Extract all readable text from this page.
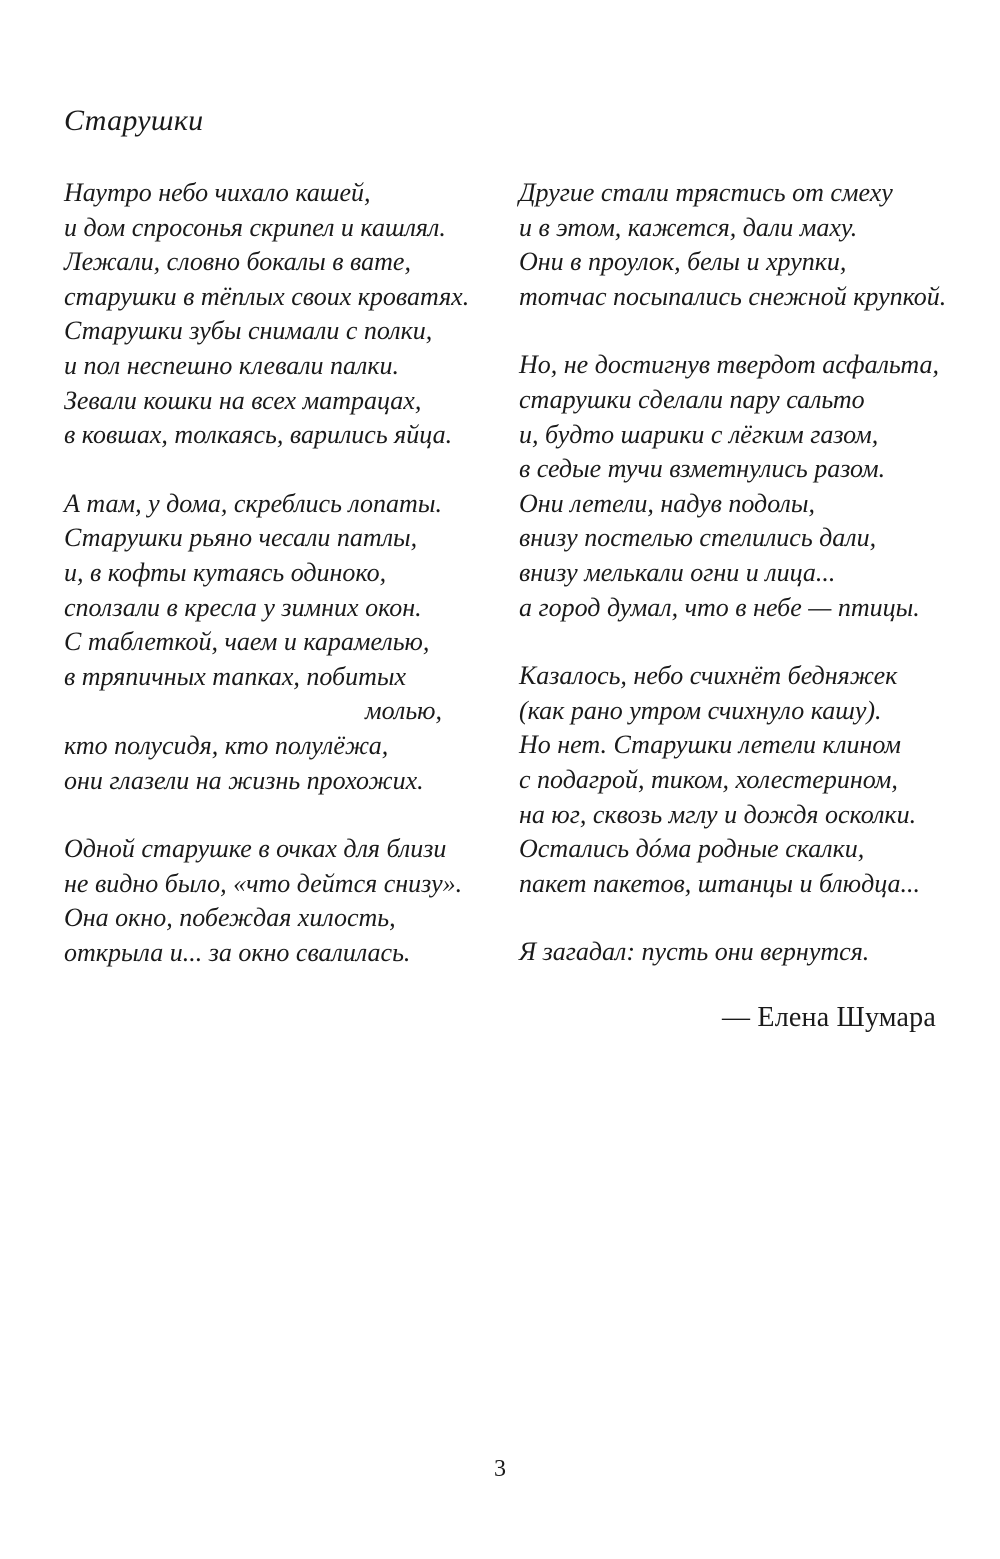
Старушки
Наутро небо чихало кашей,
и дом спросонья скрипел и кашлял.
Лежали, словно бокалы в вате,
старушки в тёплых своих кроватях.
Старушки зубы снимали с полки,
и пол неспешно клевали палки.
Зевали кошки на всех матрацах,
в ковшах, толкаясь, варились яйца.
А там, у дома, скреблись лопаты.
Старушки рьяно чесали патлы,
и, в кофты кутаясь одиноко,
сползали в кресла у зимних окон.
С таблеткой, чаем и карамелью,
в тряпичных тапках, побитых
молью,
кто полусидя, кто полулёжа,
они глазели на жизнь прохожих.
Одной старушке в очках для близи
не видно было, «что дейтся снизу».
Она окно, побеждая хилость,
открыла и... за окно свалилась.
Другие стали трястись от смеху
и в этом, кажется, дали маху.
Они в проулок, белы и хрупки,
тотчас посыпались снежной крупкой.
Но, не достигнув твердот асфальта,
старушки сделали пару сальто
и, будто шарики с лёгким газом,
в седые тучи взметнулись разом.
Они летели, надув подолы,
внизу постелью стелились дали,
внизу мелькали огни и лица...
а город думал, что в небе — птицы.
Казалось, небо счихнёт бедняжек
(как рано утром счихнуло кашу).
Но нет. Старушки летели клином
с подагрой, тиком, холестерином,
на юг, сквозь мглу и дождя осколки.
Остались дóма родные скалки,
пакет пакетов, штанцы и блюдца...
Я загадал: пусть они вернутся.
— Елена Шумара
3
